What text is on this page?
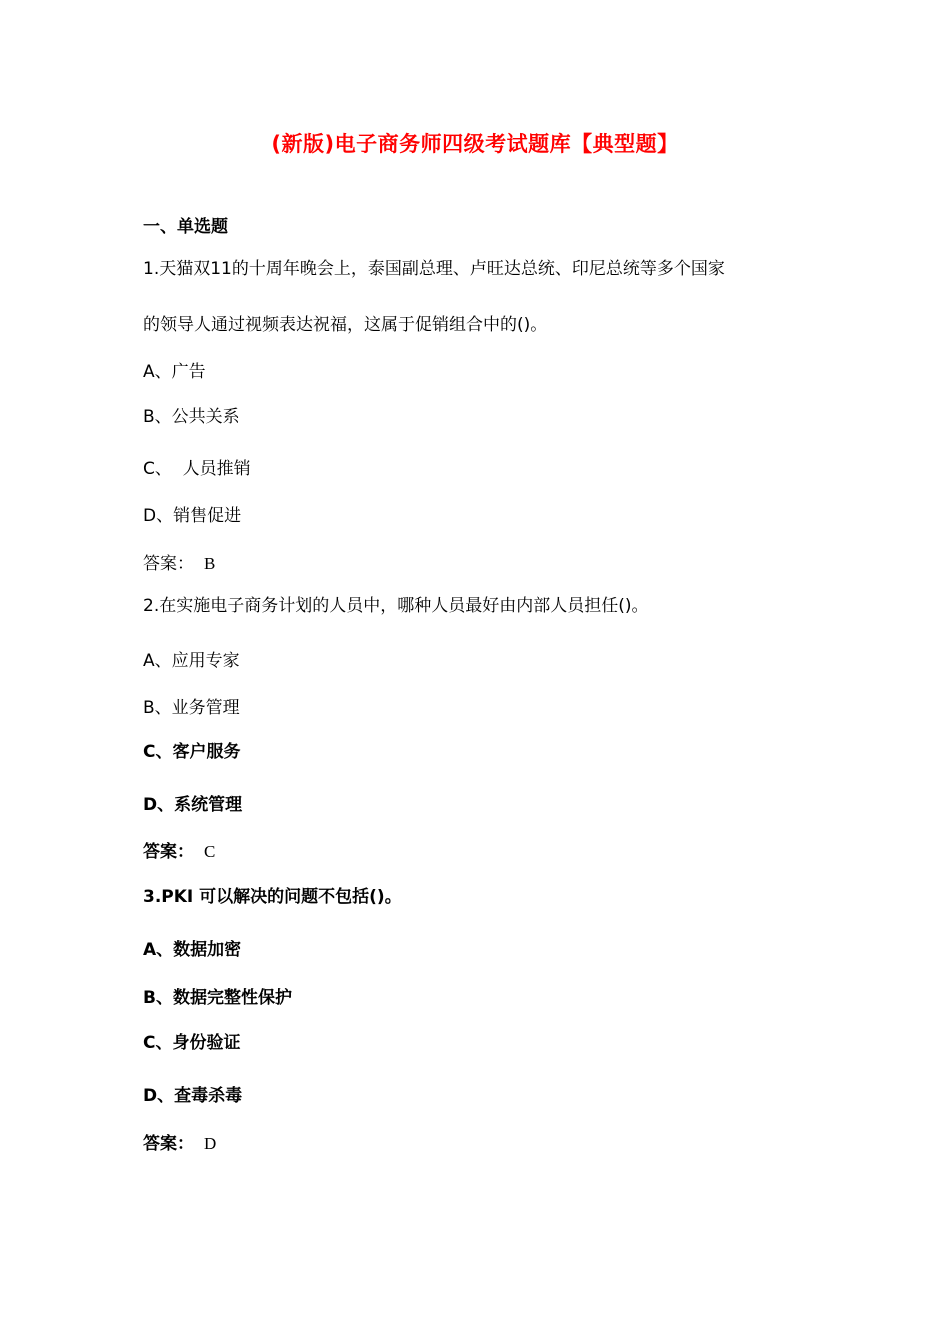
(新版)电子商务师四级考试题库【典型题】
一、单选题
1.天猫双11的十周年晚会上，泰国副总理、卢旺达总统、印尼总统等多个国家
的领导人通过视频表达祝福，这属于促销组合中的()。
A、广告
B、公共关系
C、  人员推销
D、销售促进
答案： B
2.在实施电子商务计划的人员中，哪种人员最好由内部人员担任()。
A、应用专家
B、业务管理
C、客户服务
D、系统管理
答案： C
3.PKI 可以解决的问题不包括()。
A、数据加密
B、数据完整性保护
C、身份验证
D、查毒杀毒
答案： D
